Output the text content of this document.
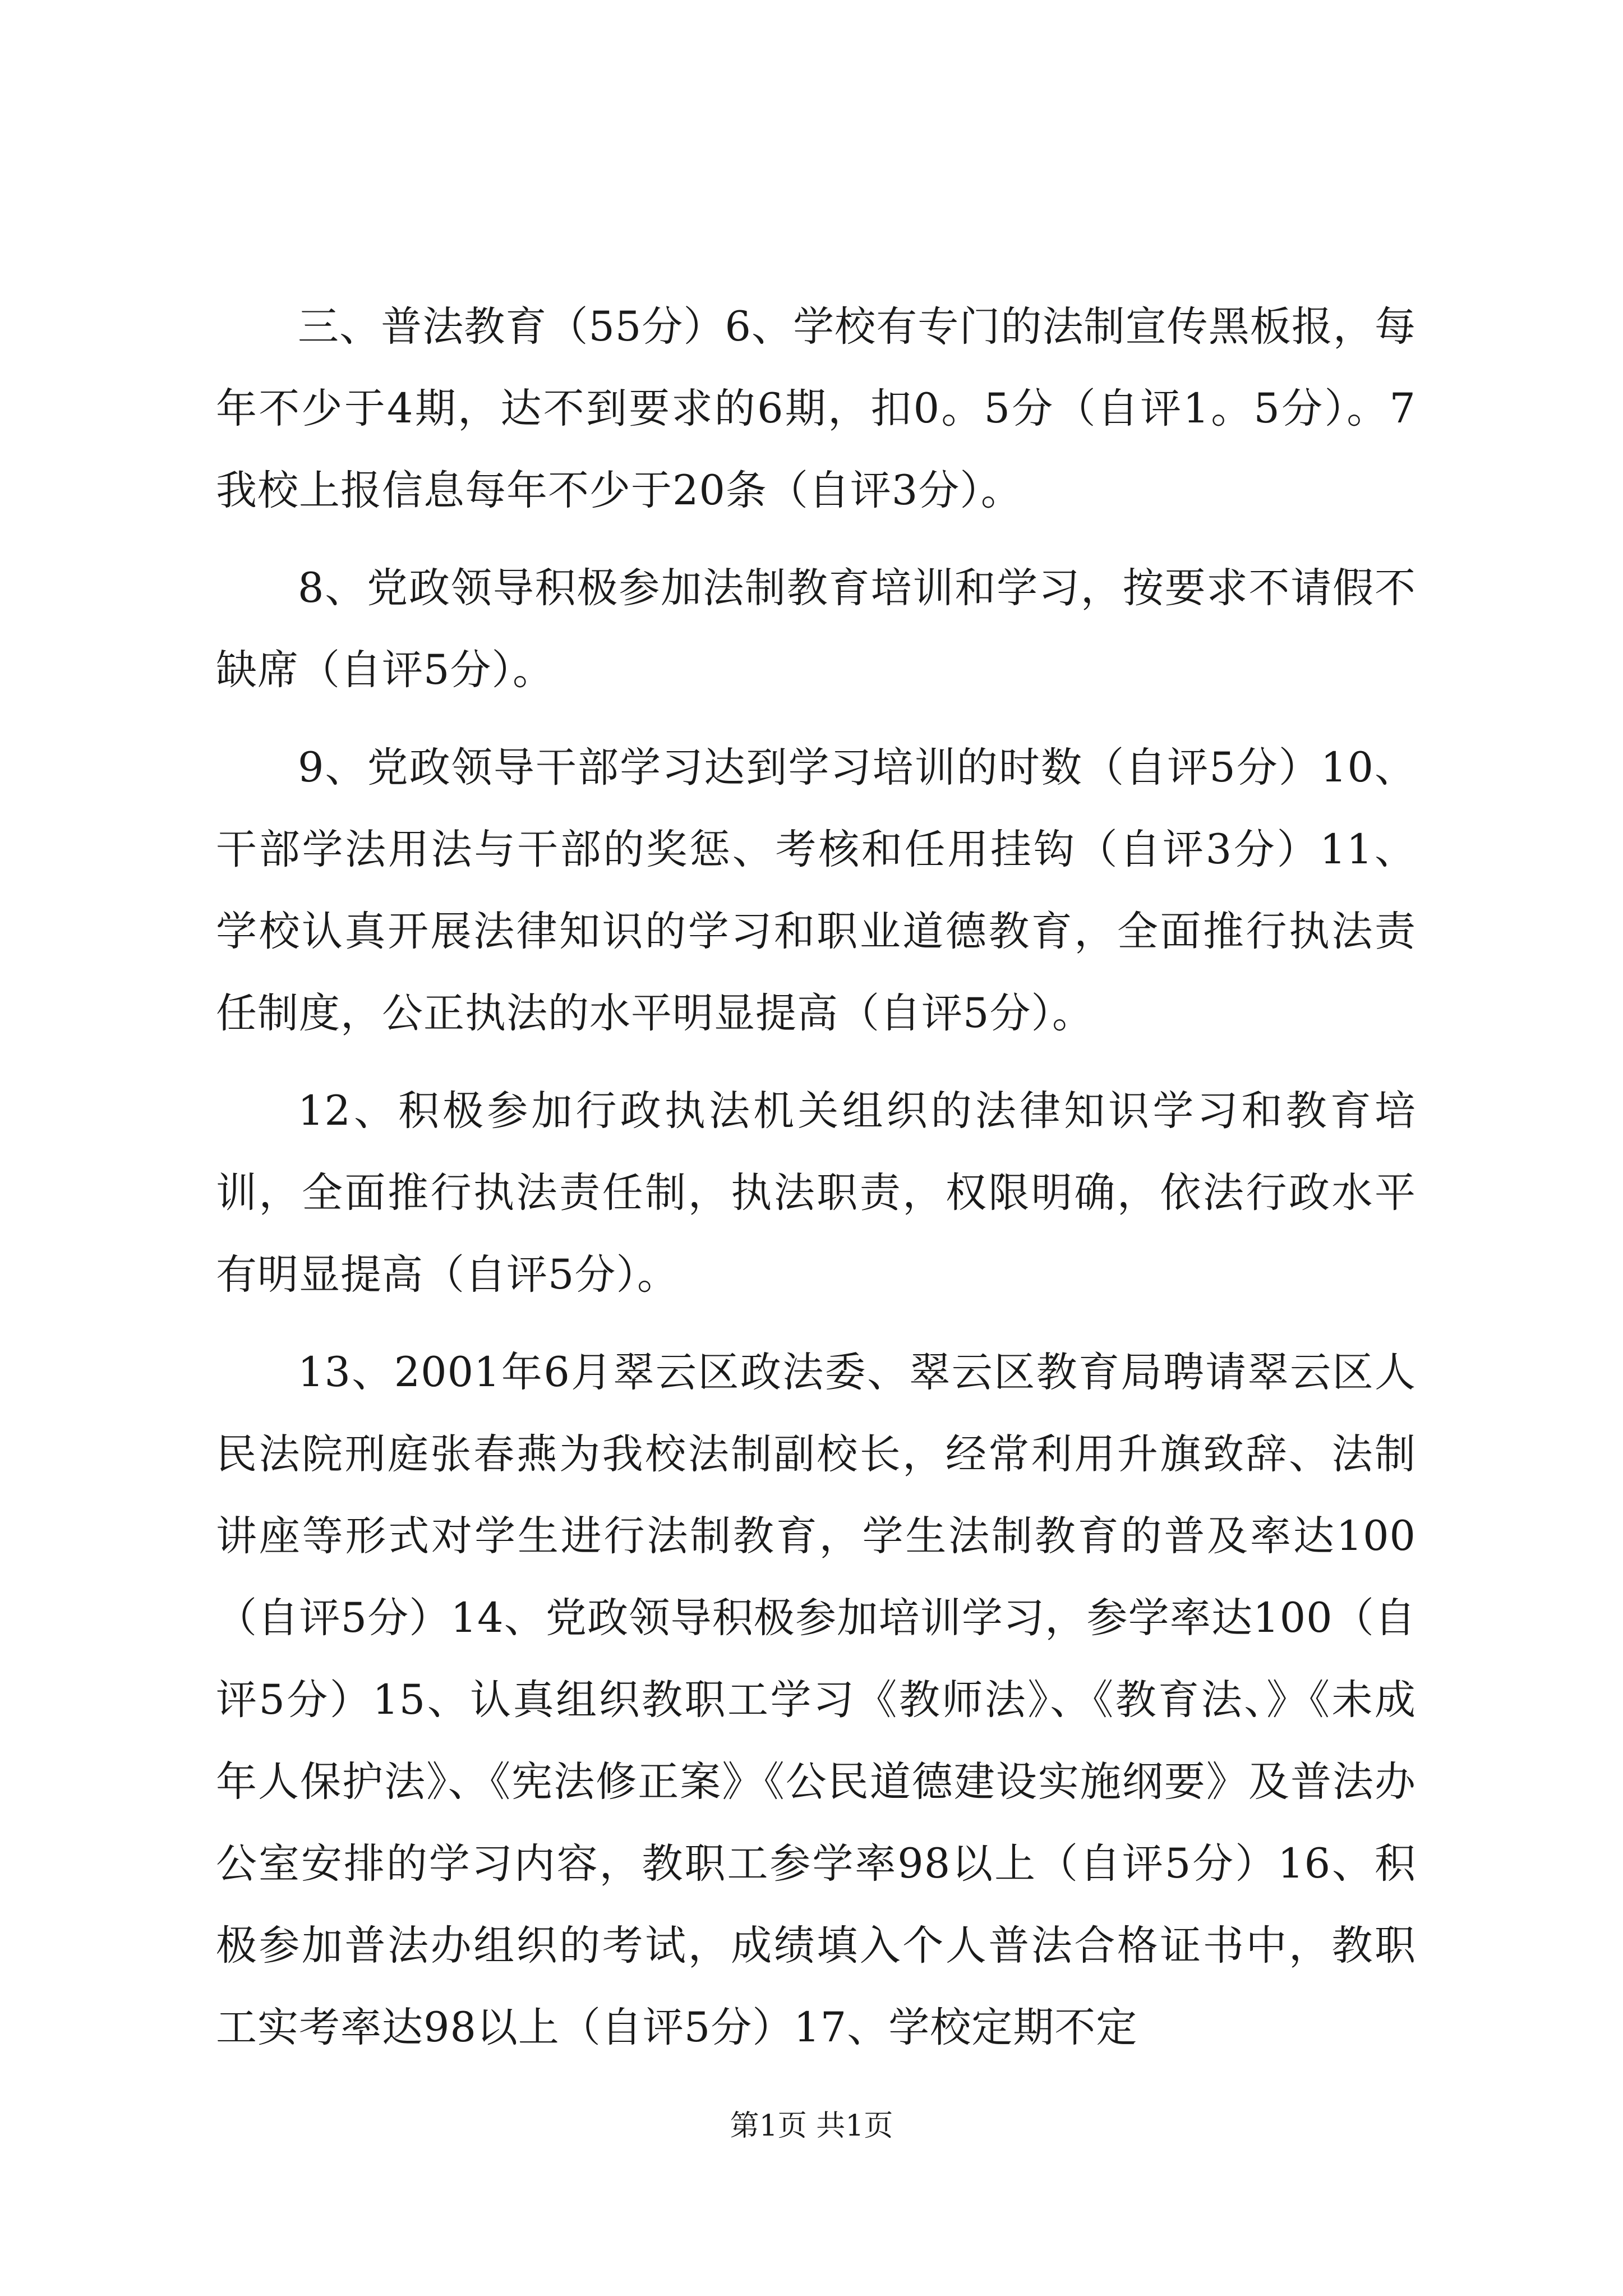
三、普法教育（55分）6、学校有专门的法制宣传黑板报，每年不少于4期，达不到要求的6期，扣0。5分（自评1。5分）。7我校上报信息每年不少于20条（自评3分）。

8、党政领导积极参加法制教育培训和学习，按要求不请假不缺席（自评5分）。

9、党政领导干部学习达到学习培训的时数（自评5分）10、干部学法用法与干部的奖惩、考核和任用挂钩（自评3分）11、学校认真开展法律知识的学习和职业道德教育，全面推行执法责任制度，公正执法的水平明显提高（自评5分）。

12、积极参加行政执法机关组织的法律知识学习和教育培训，全面推行执法责任制，执法职责，权限明确，依法行政水平有明显提高（自评5分）。

13、2001年6月翠云区政法委、翠云区教育局聘请翠云区人民法院刑庭张春燕为我校法制副校长，经常利用升旗致辞、法制讲座等形式对学生进行法制教育，学生法制教育的普及率达100（自评5分）14、党政领导积极参加培训学习，参学率达100（自评5分）15、认真组织教职工学习《教师法》、《教育法、》《未成年人保护法》、《宪法修正案》《公民道德建设实施纲要》及普法办公室安排的学习内容，教职工参学率98以上（自评5分）16、积极参加普法办组织的考试，成绩填入个人普法合格证书中，教职工实考率达98以上（自评5分）17、学校定期不定

第1页 共1页
